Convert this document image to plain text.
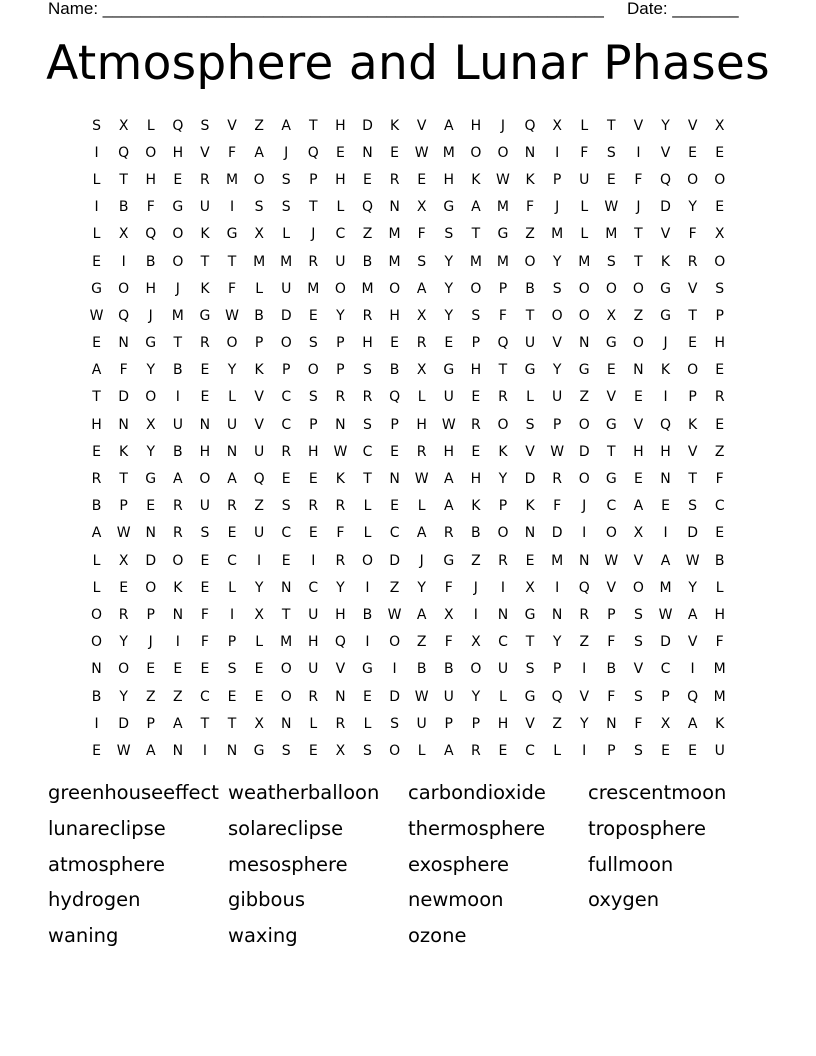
Name: _____________________________________________________ Date: _______
Atmosphere and Lunar Phases
S	X	L	Q	S	V	Z	A	T	H	D	K	V	A	H	J	Q	X	L	T	V	Y	V	X
I	Q	O	H	V	F	A	J	Q	E	N	E	W	M	O	O	N	I	F	S	I	V	E	E
L	T	H	E	R	M	O	S	P	H	E	R	E	H	K	W	K	P	U	E	F	Q	O	O
I	B	F	G	U	I	S	S	T	L	Q	N	X	G	A	M	F	J	L	W	J	D	Y	E
L	X	Q	O	K	G	X	L	J	C	Z	M	F	S	T	G	Z	M	L	M	T	V	F	X
E	I	B	O	T	T	M	M	R	U	B	M	S	Y	M	M	O	Y	M	S	T	K	R	O
G	O	H	J	K	F	L	U	M	O	M	O	A	Y	O	P	B	S	O	O	O	G	V	S
W	Q	J	M	G	W	B	D	E	Y	R	H	X	Y	S	F	T	O	O	X	Z	G	T	P
E	N	G	T	R	O	P	O	S	P	H	E	R	E	P	Q	U	V	N	G	O	J	E	H
A	F	Y	B	E	Y	K	P	O	P	S	B	X	G	H	T	G	Y	G	E	N	K	O	E
T	D	O	I	E	L	V	C	S	R	R	Q	L	U	E	R	L	U	Z	V	E	I	P	R
H	N	X	U	N	U	V	C	P	N	S	P	H	W	R	O	S	P	O	G	V	Q	K	E
E	K	Y	B	H	N	U	R	H	W	C	E	R	H	E	K	V	W	D	T	H	H	V	Z
R	T	G	A	O	A	Q	E	E	K	T	N	W	A	H	Y	D	R	O	G	E	N	T	F
B	P	E	R	U	R	Z	S	R	R	L	E	L	A	K	P	K	F	J	C	A	E	S	C
A	W	N	R	S	E	U	C	E	F	L	C	A	R	B	O	N	D	I	O	X	I	D	E
L	X	D	O	E	C	I	E	I	R	O	D	J	G	Z	R	E	M	N	W	V	A	W	B
L	E	O	K	E	L	Y	N	C	Y	I	Z	Y	F	J	I	X	I	Q	V	O	M	Y	L
O	R	P	N	F	I	X	T	U	H	B	W	A	X	I	N	G	N	R	P	S	W	A	H
O	Y	J	I	F	P	L	M	H	Q	I	O	Z	F	X	C	T	Y	Z	F	S	D	V	F
N	O	E	E	E	S	E	O	U	V	G	I	B	B	O	U	S	P	I	B	V	C	I	M
B	Y	Z	Z	C	E	E	O	R	N	E	D	W	U	Y	L	G	Q	V	F	S	P	Q	M
I	D	P	A	T	T	X	N	L	R	L	S	U	P	P	H	V	Z	Y	N	F	X	A	K
E	W	A	N	I	N	G	S	E	X	S	O	L	A	R	E	C	L	I	P	S	E	E	U
greenhouseeffect weatherballoon	carbondioxide	crescentmoon
lunareclipse	solareclipse	thermosphere	troposphere
atmosphere	mesosphere	exosphere	fullmoon
hydrogen	gibbous	newmoon	oxygen
waning	waxing	ozone
